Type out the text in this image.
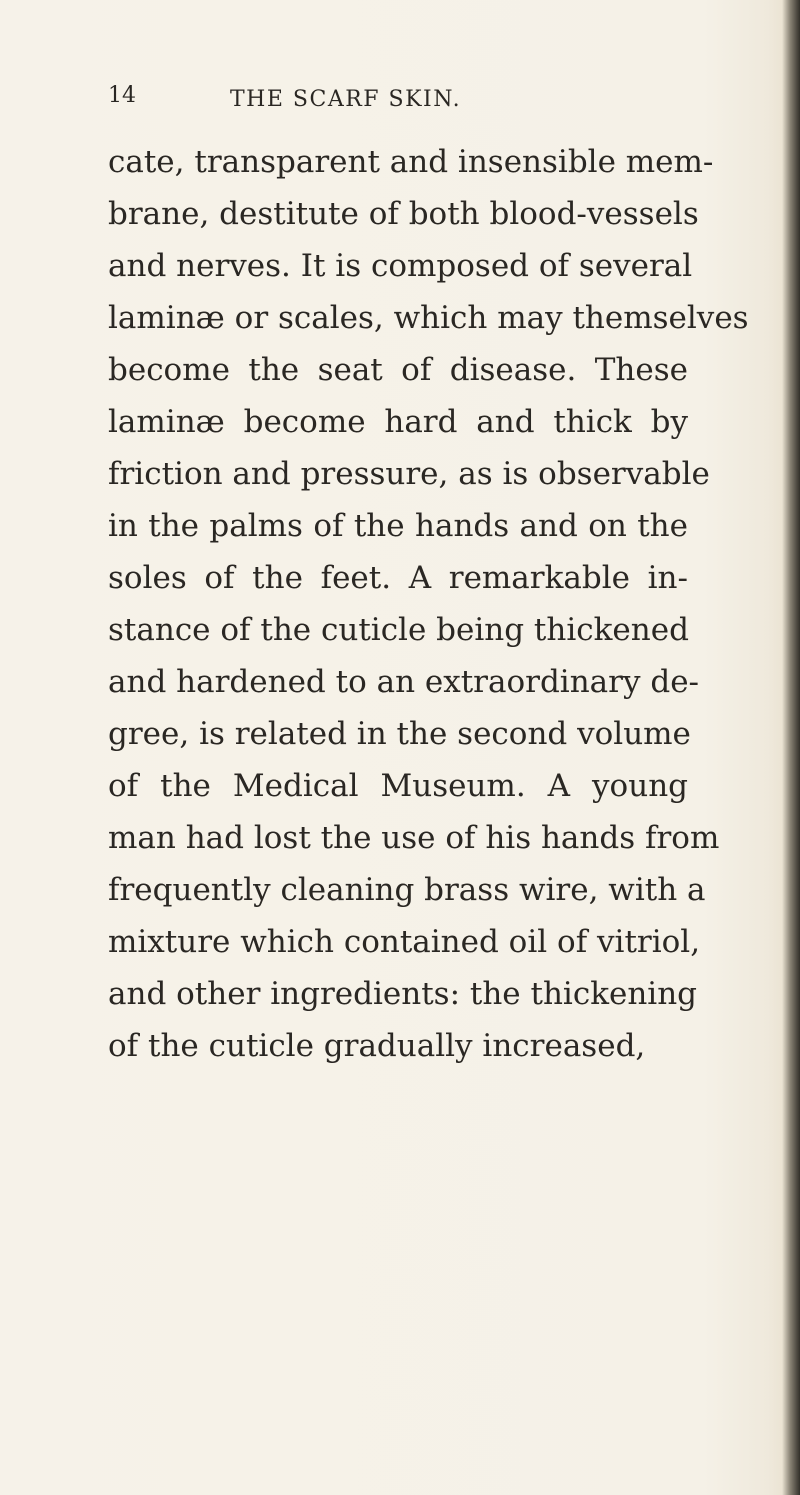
14	THE SCARF SKIN.
cate, transparent and insensible mem-
brane, destitute of both blood-vessels
and nerves. It is composed of several
laminæ or scales, which may themselves
become the seat of disease. These
laminæ become hard and thick by
friction and pressure, as is observable
in the palms of the hands and on the
soles of the feet. A remarkable in-
stance of the cuticle being thickened
and hardened to an extraordinary de-
gree, is related in the second volume
of the Medical Museum. A young
man had lost the use of his hands from
frequently cleaning brass wire, with a
mixture which contained oil of vitriol,
and other ingredients: the thickening
of the cuticle gradually increased,
